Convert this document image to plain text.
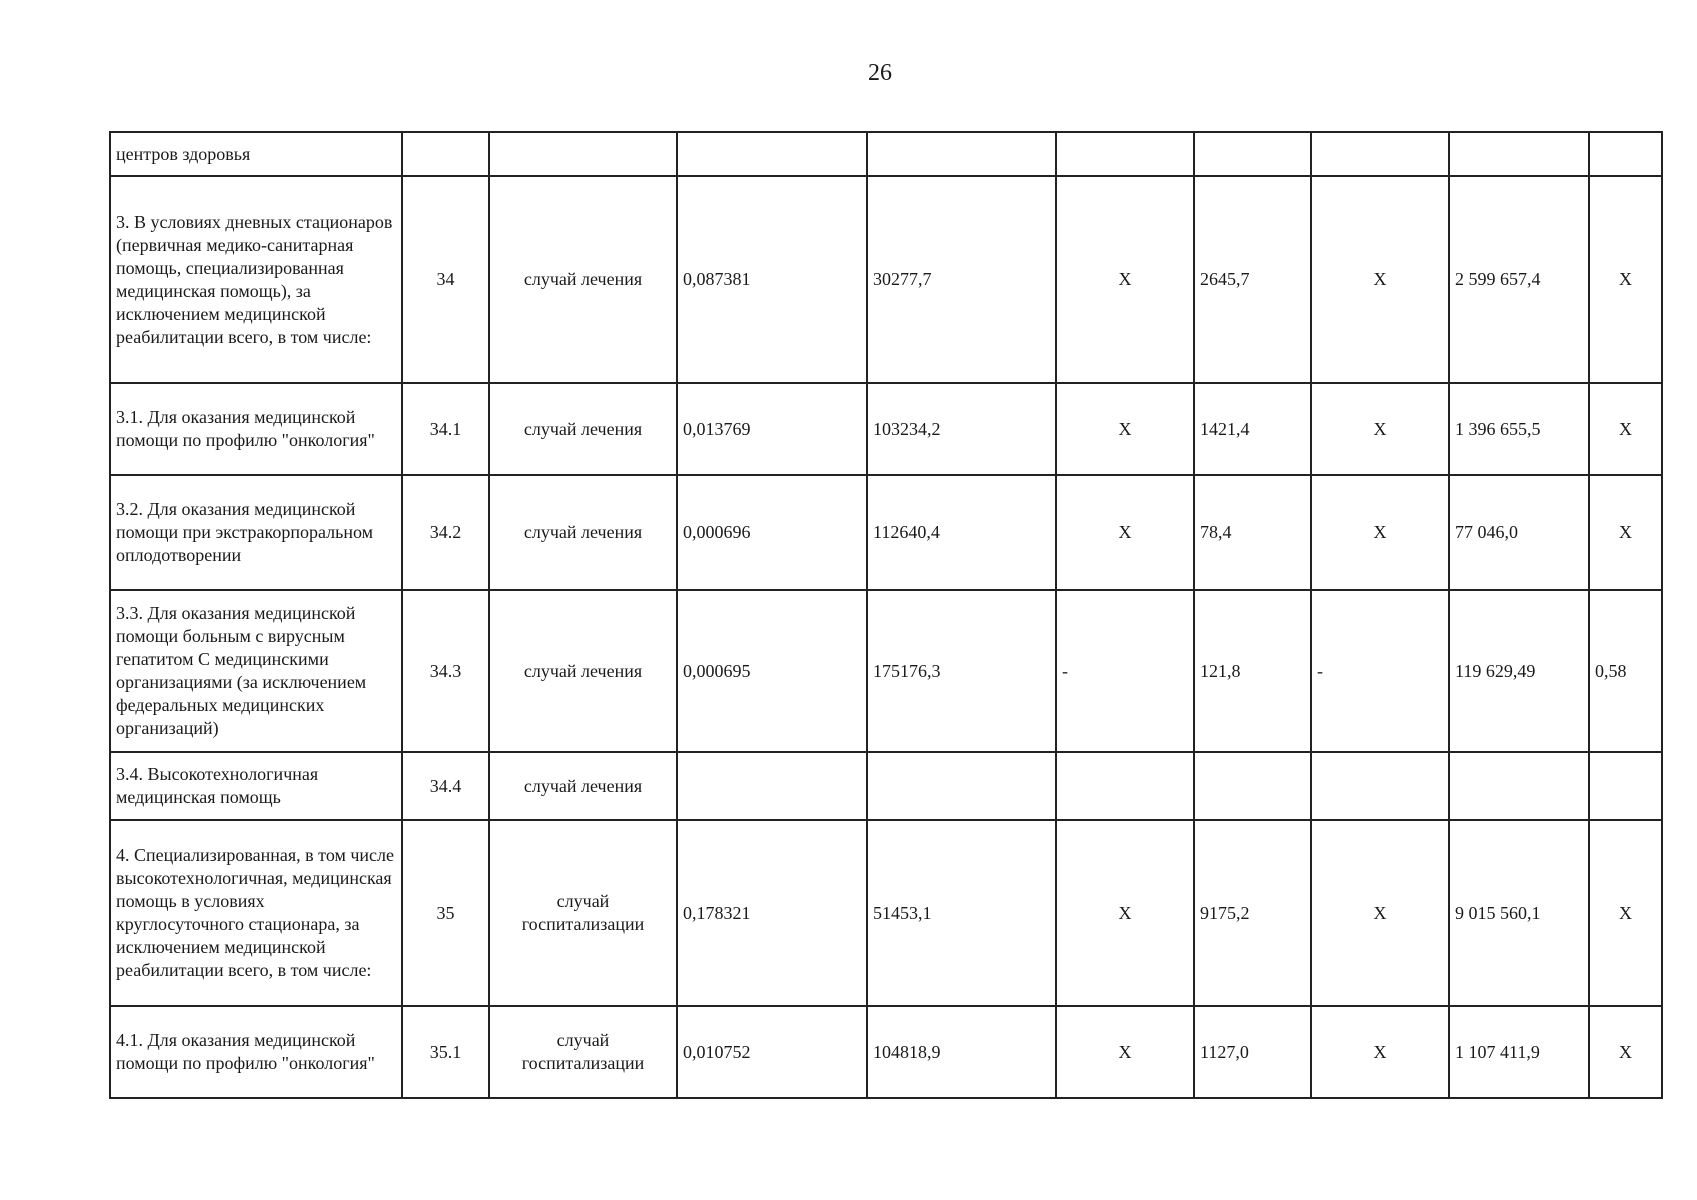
26
центров здоровья									
3. В условиях дневных стационаров (первичная медико-санитарная помощь, специализированная медицинская помощь), за исключением медицинской реабилитации всего, в том числе:	34	случай лечения	0,087381	30277,7	X	2645,7	X	2 599 657,4	X
3.1. Для оказания медицинской помощи по профилю "онкология"	34.1	случай лечения	0,013769	103234,2	X	1421,4	X	1 396 655,5	X
3.2. Для оказания медицинской помощи при экстракорпоральном оплодотворении	34.2	случай лечения	0,000696	112640,4	X	78,4	X	77 046,0	X
3.3. Для оказания медицинской помощи больным с вирусным гепатитом С медицинскими организациями (за исключением федеральных медицинских организаций)	34.3	случай лечения	0,000695	175176,3	-	121,8	-	119 629,49	0,58
3.4. Высокотехнологичная медицинская помощь	34.4	случай лечения							
4. Специализированная, в том числе высокотехнологичная, медицинская помощь в условиях круглосуточного стационара, за исключением медицинской реабилитации всего, в том числе:	35	случай госпитализации	0,178321	51453,1	X	9175,2	X	9 015 560,1	X
4.1. Для оказания медицинской помощи по профилю "онкология"	35.1	случай госпитализации	0,010752	104818,9	X	1127,0	X	1 107 411,9	X
